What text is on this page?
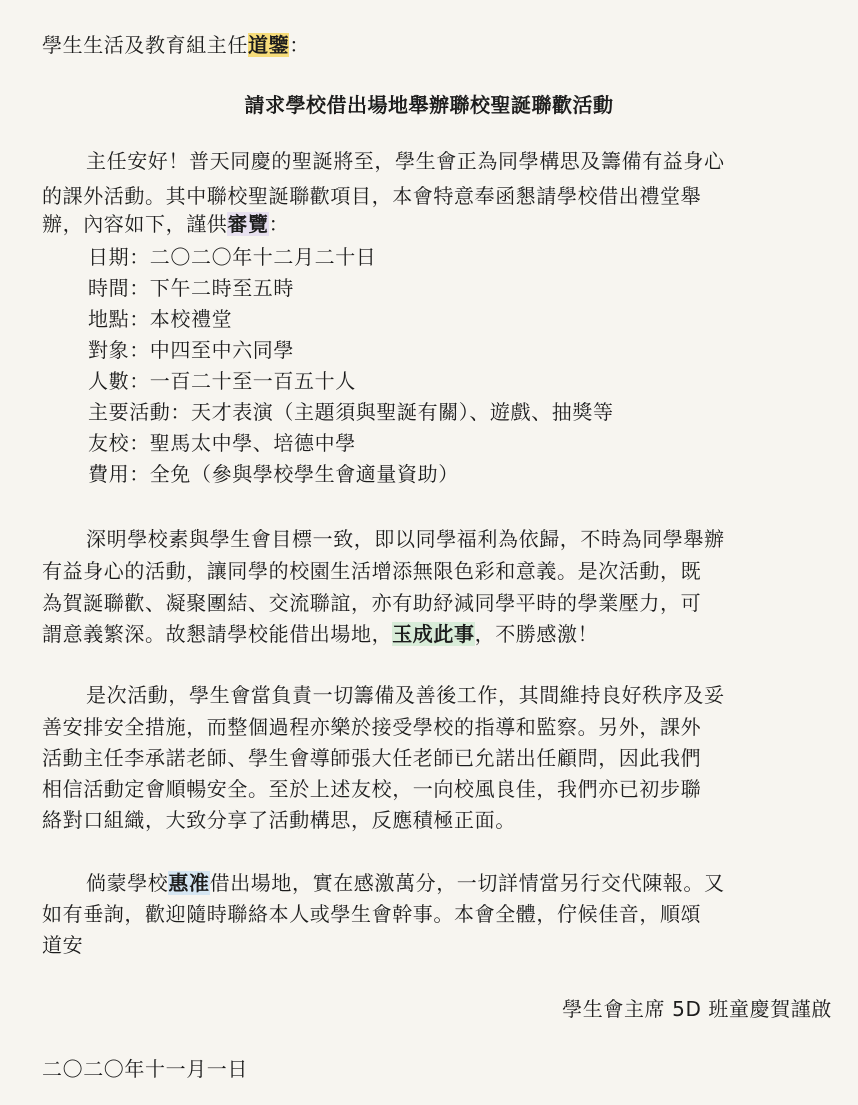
學生生活及教育組主任道鑒：
請求學校借出場地舉辦聯校聖誕聯歡活動
主任安好！普天同慶的聖誕將至，學生會正為同學構思及籌備有益身心
的課外活動。其中聯校聖誕聯歡項目，本會特意奉函懇請學校借出禮堂舉
辦，內容如下，謹供審覽：
日期：二〇二〇年十二月二十日
時間：下午二時至五時
地點：本校禮堂
對象：中四至中六同學
人數：一百二十至一百五十人
主要活動：天才表演（主題須與聖誕有關）、遊戲、抽獎等
友校：聖馬太中學、培德中學
費用：全免（參與學校學生會適量資助）
深明學校素與學生會目標一致，即以同學福利為依歸，不時為同學舉辦
有益身心的活動，讓同學的校園生活增添無限色彩和意義。是次活動，既
為賀誕聯歡、凝聚團結、交流聯誼，亦有助紓減同學平時的學業壓力，可
謂意義繁深。故懇請學校能借出場地，玉成此事，不勝感激！
是次活動，學生會當負責一切籌備及善後工作，其間維持良好秩序及妥
善安排安全措施，而整個過程亦樂於接受學校的指導和監察。另外，課外
活動主任李承諾老師、學生會導師張大任老師已允諾出任顧問，因此我們
相信活動定會順暢安全。至於上述友校，一向校風良佳，我們亦已初步聯
絡對口組織，大致分享了活動構思，反應積極正面。
倘蒙學校惠准借出場地，實在感激萬分，一切詳情當另行交代陳報。又
如有垂詢，歡迎隨時聯絡本人或學生會幹事。本會全體，佇候佳音，順頌
道安
學生會主席 5D 班童慶賀謹啟
二〇二〇年十一月一日
